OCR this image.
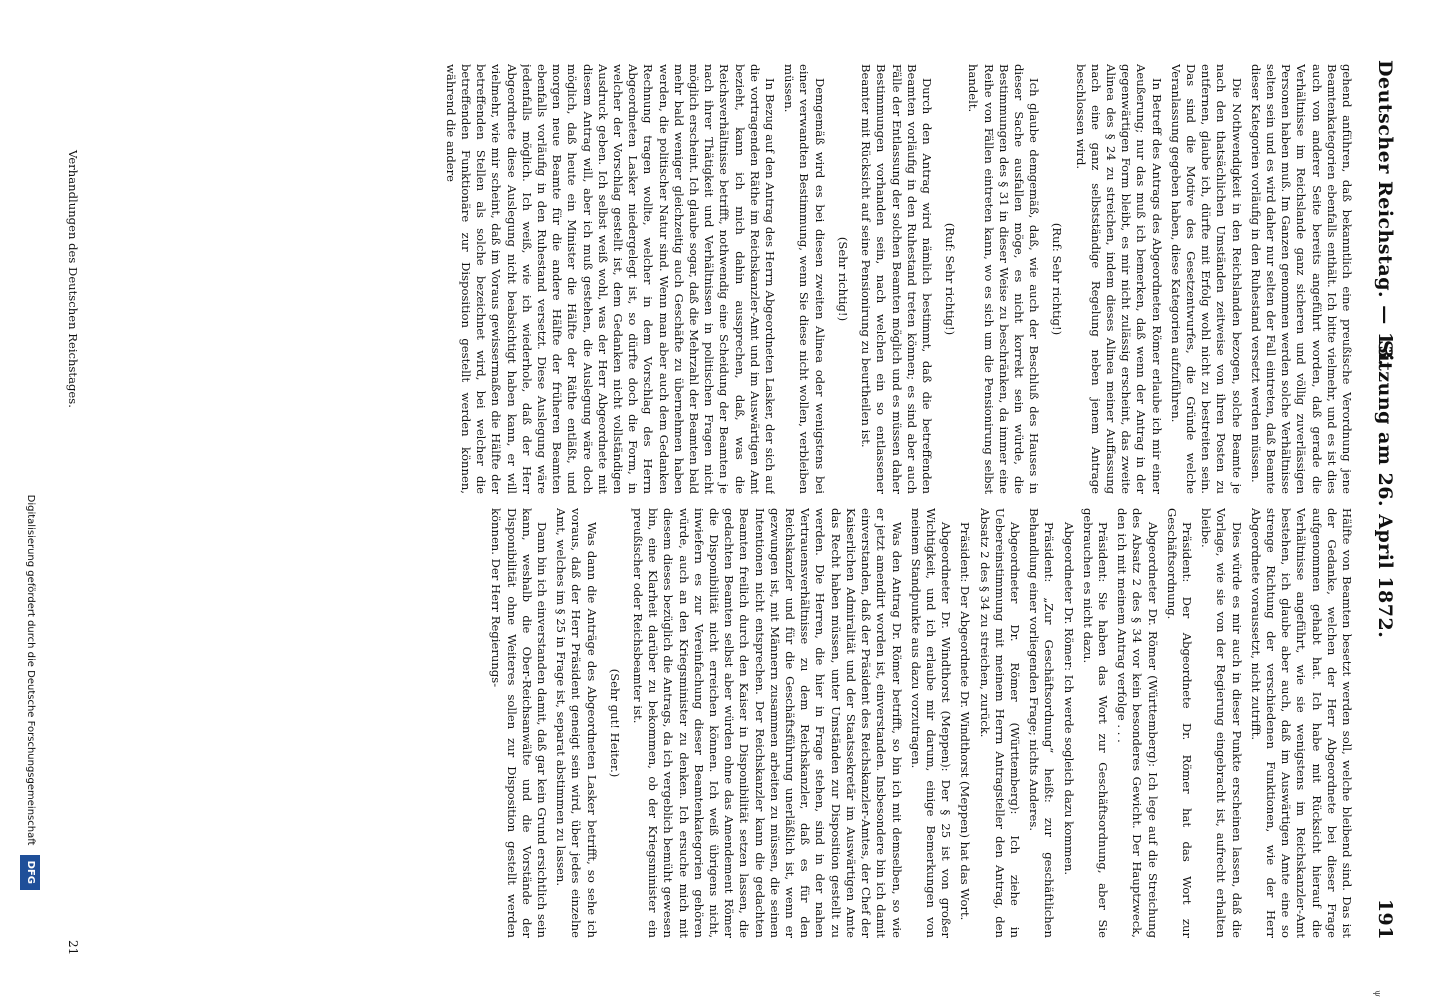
Deutscher Reichstag. — 13.
Sitzung am 26. April 1872.
191

gehend anführen, daß bekanntlich eine preußische Verordnung jene Beamtenkategorien ebenfalls enthält. Ich bitte vielmehr, und es ist dies auch von anderer Seite bereits angeführt worden, daß gerade die Verhältnisse im Reichslande ganz sicheren und völlig zuverlässigen Personen haben muß. Im Ganzen genommen werden solche Verhältnisse selten sein und es wird daher nur selten der Fall eintreten, daß Beamte dieser Kategorien vorläufig in den Ruhestand versetzt werden müssen.

Die Nothwendigkeit in den Reichslanden bezogen, solche Beamte je nach den thatsächlichen Umständen zeitweise von ihren Posten zu entfernen, glaube ich, dürfte mit Erfolg wohl nicht zu bestreiten sein. Das sind die Motive des Gesetzentwurfes, die Gründe welche Veranlassung gegeben haben, diese Kategorien aufzuführen.

In Betreff des Antrags des Abgeordneten Römer erlaube ich mir einer Aeußerung; nur das muß ich bemerken, daß wenn der Antrag in der gegenwärtigen Form bleibt, es mir nicht zulässig erscheint, das zweite Alinea des § 24 zu streichen, indem dieses Alinea meiner Auffassung nach eine ganz selbstständige Regelung neben jenem Antrage beschlossen wird.

(Ruf: Sehr richtig!)

Ich glaube demgemäß, daß, wie auch der Beschluß des Hauses in dieser Sache ausfallen möge, es nicht korrekt sein würde, die Bestimmungen des § 31 in dieser Weise zu beschränken, da immer eine Reihe von Fällen eintreten kann, wo es sich um die Pensionirung selbst handelt.

(Ruf: Sehr richtig!)

Durch den Antrag wird nämlich bestimmt, daß die betreffenden Beamten vorläufig in den Ruhestand treten können; es sind aber auch Fälle der Entlassung der solchen Beamten möglich und es müssen daher Bestimmungen vorhanden sein, nach welchen ein so entlassener Beamter mit Rücksicht auf seine Pensionirung zu beurtheilen ist.

(Sehr richtig!)

Demgemäß wird es bei diesen zweiten Alinea oder wenigstens bei einer verwandten Bestimmung, wenn Sie diese nicht wollen, verbleiben müssen.

In Bezug auf den Antrag des Herrn Abgeordneten Lasker, der sich auf die vortragenden Räthe im Reichskanzler-Amt und im Auswärtigen Amt bezieht, kann ich mich dahin aussprechen, daß, was die Reichsverhältnisse betrifft, nothwendig eine Scheidung der Beamten je nach ihrer Thätigkeit und Verhältnissen in politischen Fragen nicht möglich erscheint. Ich glaube sogar, daß die Mehrzahl der Beamten bald mehr bald weniger gleichzeitig auch Geschäfte zu übernehmen haben werden, die politischer Natur sind. Wenn man aber auch dem Gedanken Rechnung tragen wollte, welcher in dem Vorschlag des Herrn Abgeordneten Lasker niedergelegt ist, so dürfte doch die Form, in welcher der Vorschlag gestellt ist, dem Gedanken nicht vollständigen Ausdruck geben. Ich selbst weiß wohl, was der Herr Abgeordnete mit diesem Antrag will, aber ich muß gestehen, die Auslegung wäre doch möglich, daß heute ein Minister die Hälfte der Räthe entläßt, und morgen neue Beamte für die andere Hälfte der früheren Beamten ebenfalls vorläufig in den Ruhestand versetzt. Diese Auslegung wäre jedenfalls möglich. Ich weiß, wie ich wiederhole, daß der Herr Abgeordnete diese Auslegung nicht beabsichtigt haben kann, er will vielmehr, wie mir scheint, daß im Voraus gewissermaßen die Hälfte der betreffenden Stellen als solche bezeichnet wird, bei welcher die betreffenden Funktionäre zur Disposition gestellt werden können, während die andere

Hälfte von Beamten besetzt werden soll, welche bleibend sind. Das ist der Gedanke, welchen der Herr Abgeordnete bei dieser Frage aufgenommen gehabt hat. Ich habe mit Rücksicht hierauf die Verhältnisse angeführt, wie sie wenigstens im Reichskanzler-Amt bestehen, ich glaube aber auch, daß im Auswärtigen Amte eine so strenge Richtung der verschiedenen Funktionen, wie der Herr Abgeordnete voraussetzt, nicht zutrifft.

Dies würde es mir auch in dieser Punkte erscheinen lassen, daß die Vorlage, wie sie von der Regierung eingebracht ist, aufrecht erhalten bleibe.

Präsident: Der Abgeordnete Dr. Römer hat das Wort zur Geschäftsordnung.

Abgeordneter Dr. Römer (Württemberg): Ich lege auf die Streichung des Absatz 2 des § 34 vor kein besonderes Gewicht. Der Hauptzweck, den ich mit meinem Antrag verfolge . . .

Präsident: Sie haben das Wort zur Geschäftsordnung, aber Sie gebrauchen es nicht dazu.

Abgeordneter Dr. Römer: Ich werde sogleich dazu kommen.

Präsident: „Zur Geschäftsordnung“ heißt: zur geschäftlichen Behandlung einer vorliegenden Frage; nichts Anderes.

Abgeordneter Dr. Römer (Württemberg): Ich ziehe in Uebereinstimmung mit meinem Herrn Antragsteller den Antrag, den Absatz 2 des § 34 zu streichen, zurück.

Präsident: Der Abgeordnete Dr. Windthorst (Meppen) hat das Wort.

Abgeordneter Dr. Windthorst (Meppen): Der § 25 ist von großer Wichtigkeit, und ich erlaube mir darum, einige Bemerkungen von meinem Standpunkte aus dazu vorzutragen.

Was den Antrag Dr. Römer betrifft, so bin ich mit demselben, so wie er jetzt amendirt worden ist, einverstanden. Insbesondere bin ich damit einverstanden, daß der Präsident des Reichskanzler-Amtes, der Chef der Kaiserlichen Admiralität und der Staatssekretär im Auswärtigen Amte das Recht haben müssen, unter Umständen zur Disposition gestellt zu werden. Die Herren, die hier in Frage stehen, sind in der nahen Vertrauensverhältnisse zu dem Reichskanzler, daß es für den Reichskanzler und für die Geschäftsführung unerläßlich ist, wenn er gezwungen ist, mit Männern zusammen arbeiten zu müssen, die seinen Intentionen nicht entsprechen. Der Reichskanzler kann die gedachten Beamten freilich durch den Kaiser in Disponibilität setzen lassen, die gedachten Beamten selbst aber würden ohne das Amendement Römer die Disponibilität nicht erreichen können. Ich weiß übrigens nicht, inwiefern es zur Vereinfachung dieser Beamtenkategorien gehören würde, auch an den Kriegsminister zu denken. Ich ersuche mich mit diesem dieses bezüglich die Antrags, da ich vergeblich bemüht gewesen bin, eine Klarheit darüber zu bekommen, ob der Kriegsminister ein preußischer oder Reichsbeamter ist.

(Sehr gut! Heiter.)

Was dann die Anträge des Abgeordneten Lasker betrifft, so sehe ich voraus, daß der Herr Präsident geneigt sein wird, über jedes einzelne Amt, welches im § 25 in Frage ist, separat abstimmen zu lassen.

Dann bin ich einverstanden damit, daß gar kein Grund ersichtlich sein kann, weshalb die Ober-Reichsanwälte und die Vorstände der Disponibilität ohne Weiteres sollen zur Disposition gestellt werden können. Der Herr Regierungs-

Verhandlungen des Deutschen Reichstages.
21
Digitalisierung gefördert durch die Deutsche Forschungsgemeinschaft DFG
ψ
